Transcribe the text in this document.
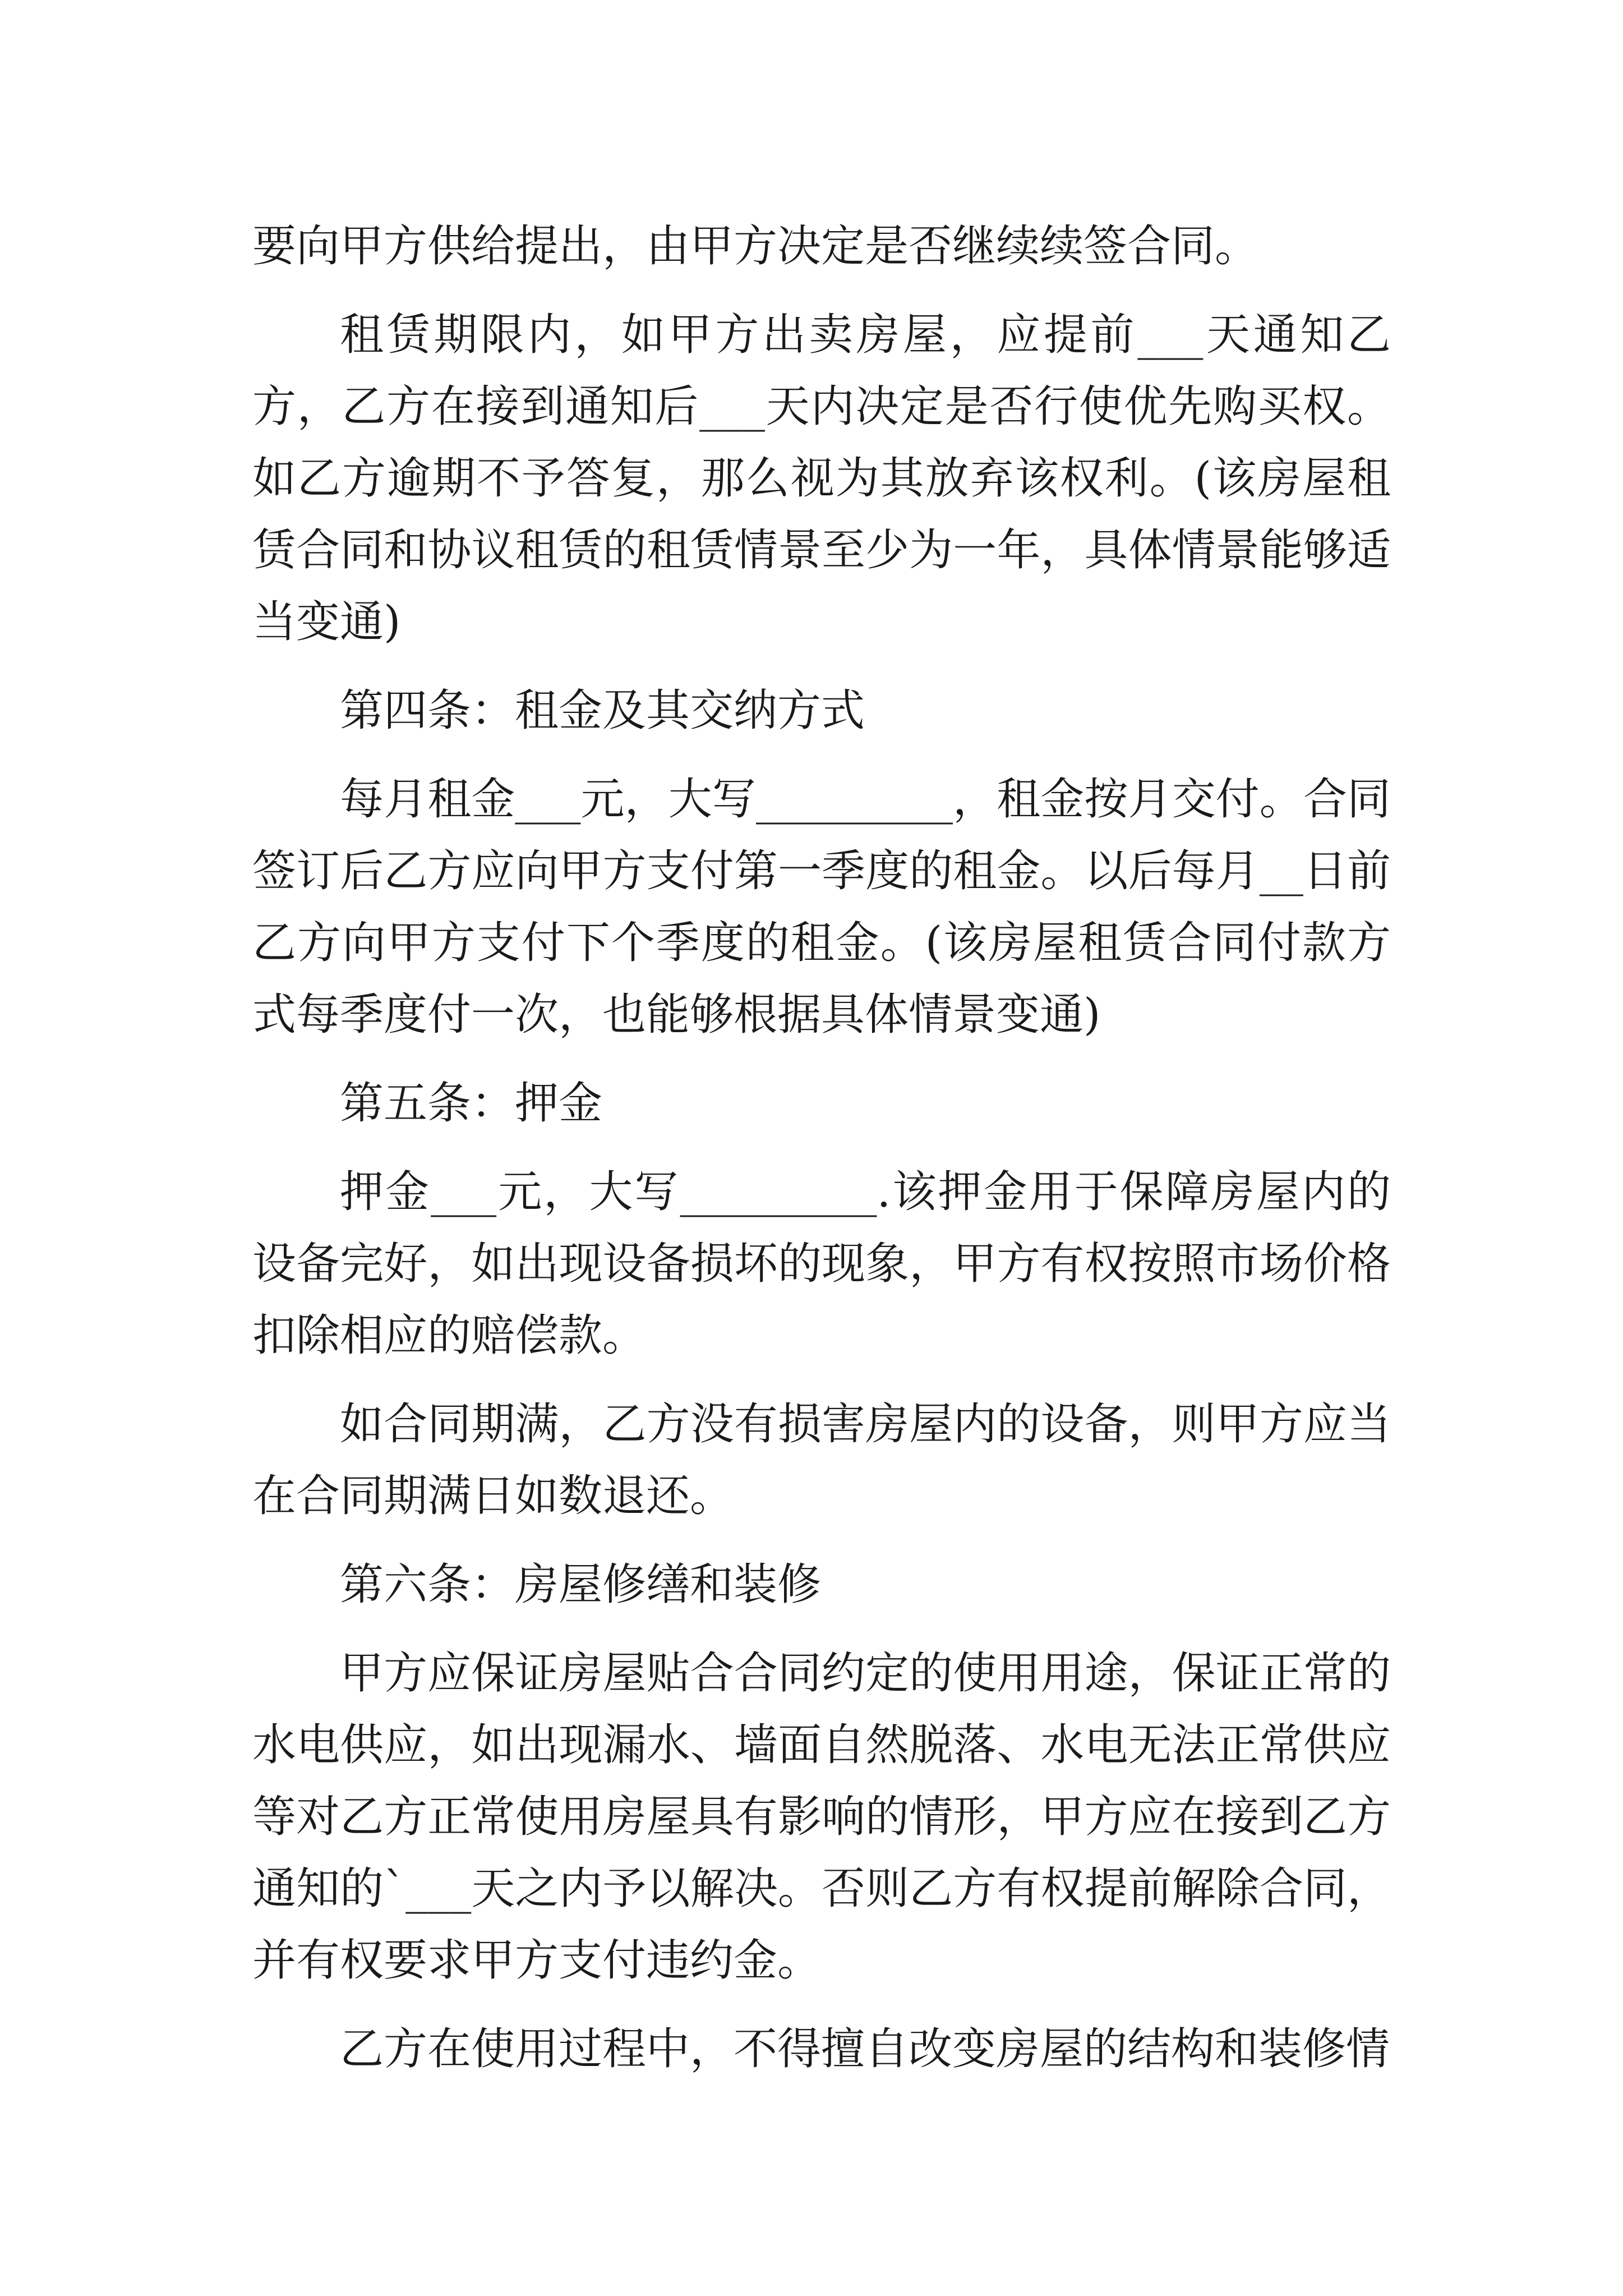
要向甲方供给提出，由甲方决定是否继续续签合同。

租赁期限内，如甲方出卖房屋，应提前___天通知乙方，乙方在接到通知后___天内决定是否行使优先购买权。如乙方逾期不予答复，那么视为其放弃该权利。(该房屋租赁合同和协议租赁的租赁情景至少为一年，具体情景能够适当变通)

第四条：租金及其交纳方式

每月租金___元，大写_________，租金按月交付。合同签订后乙方应向甲方支付第一季度的租金。以后每月__日前乙方向甲方支付下个季度的租金。(该房屋租赁合同付款方式每季度付一次，也能够根据具体情景变通)

第五条：押金

押金___元，大写_________.该押金用于保障房屋内的设备完好，如出现设备损坏的现象，甲方有权按照市场价格扣除相应的赔偿款。

如合同期满，乙方没有损害房屋内的设备，则甲方应当在合同期满日如数退还。

第六条：房屋修缮和装修

甲方应保证房屋贴合合同约定的使用用途，保证正常的水电供应，如出现漏水、墙面自然脱落、水电无法正常供应等对乙方正常使用房屋具有影响的情形，甲方应在接到乙方通知的`___天之内予以解决。否则乙方有权提前解除合同，并有权要求甲方支付违约金。

乙方在使用过程中，不得擅自改变房屋的结构和装修情
